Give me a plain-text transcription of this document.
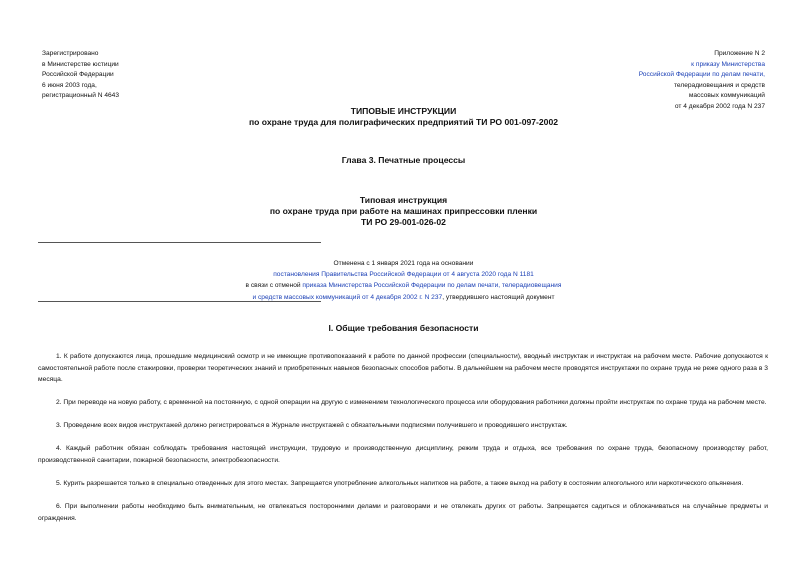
Зарегистрировано
в Министерстве юстиции
Российской Федерации
6 июня 2003 года,
регистрационный N 4643
Приложение N 2
к приказу Министерства
Российской Федерации по делам печати,
телерадиовещания и средств
массовых коммуникаций
от 4 декабря 2002 года N 237
ТИПОВЫЕ ИНСТРУКЦИИ
по охране труда для полиграфических предприятий ТИ РО 001-097-2002
Глава 3. Печатные процессы
Типовая инструкция
по охране труда при работе на машинах припрессовки пленки
ТИ РО 29-001-026-02
Отменена с 1 января 2021 года на основании
постановления Правительства Российской Федерации от 4 августа 2020 года N 1181
в связи с отменой приказа Министерства Российской Федерации по делам печати, телерадиовещания
и средств массовых коммуникаций от 4 декабря 2002 г. N 237, утвердившего настоящий документ
I. Общие требования безопасности

1. К работе допускаются лица, прошедшие медицинский осмотр и не имеющие противопоказаний к работе по данной профессии (специальности), вводный инструктаж и инструктаж на рабочем месте. Рабочие допускаются к самостоятельной работе после стажировки, проверки теоретических знаний и приобретенных навыков безопасных способов работы. В дальнейшем на рабочем месте проводятся инструктажи по охране труда не реже одного раза в 3 месяца.

2. При переводе на новую работу, с временной на постоянную, с одной операции на другую с изменением технологического процесса или оборудования работники должны пройти инструктаж по охране труда на рабочем месте.

3. Проведение всех видов инструктажей должно регистрироваться в Журнале инструктажей с обязательными подписями получившего и проводившего инструктаж.

4. Каждый работник обязан соблюдать требования настоящей инструкции, трудовую и производственную дисциплину, режим труда и отдыха, все требования по охране труда, безопасному производству работ, производственной санитарии, пожарной безопасности, электробезопасности.

5. Курить разрешается только в специально отведенных для этого местах. Запрещается употребление алкогольных напитков на работе, а также выход на работу в состоянии алкогольного или наркотического опьянения.

6. При выполнении работы необходимо быть внимательным, не отвлекаться посторонними делами и разговорами и не отвлекать других от работы. Запрещается садиться и облокачиваться на случайные предметы и ограждения.
